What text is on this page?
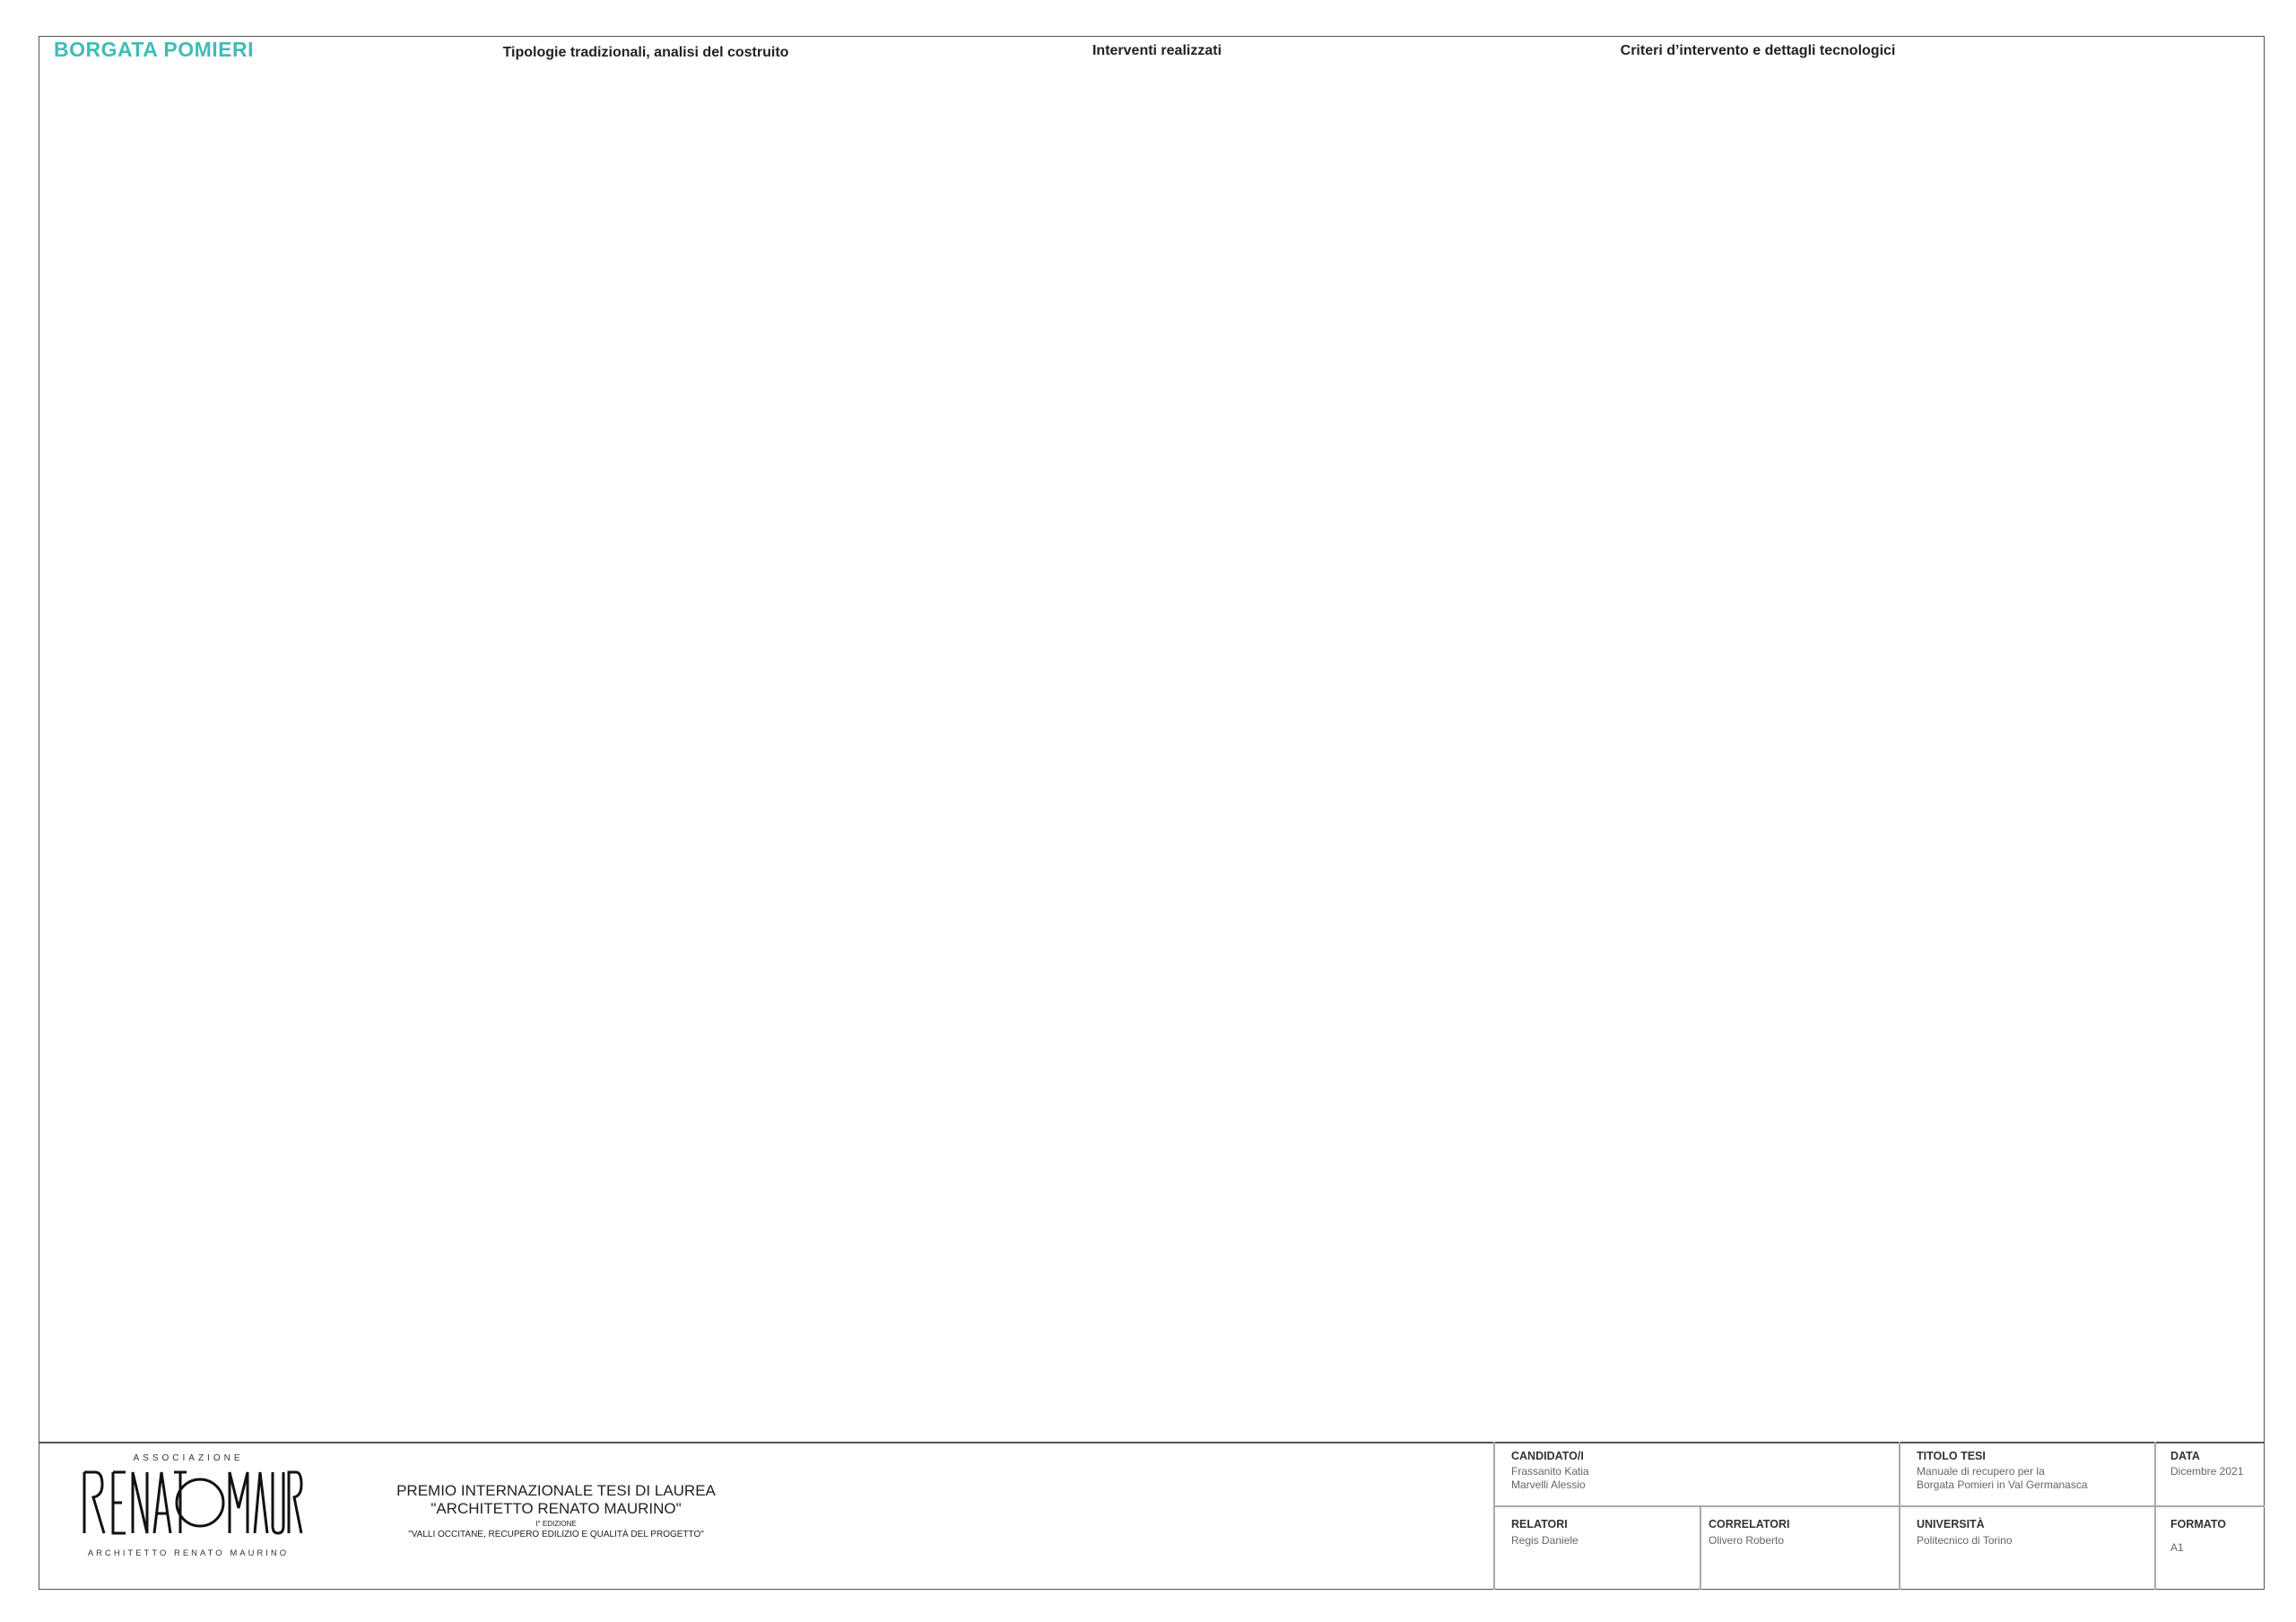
BORGATA POMIERI	Tipologie tradizionali, analisi del costruito	Interventi realizzati	Criteri d’intervento e dettagli tecnologici
ASSOCIAZIONE
ARCHITETTO RENATO MAURINO
PREMIO INTERNAZIONALE TESI DI LAUREA
"ARCHITETTO RENATO MAURINO"
I° EDIZIONE
"VALLI OCCITANE, RECUPERO EDILIZIO E QUALITÀ DEL PROGETTO"
CANDIDATO/I
Frassanito Katia
Marvelli Alessio
TITOLO TESI
Manuale di recupero per la
Borgata Pomieri in Val Germanasca
DATA
Dicembre 2021
RELATORI
Regis Daniele
CORRELATORI
Olivero Roberto
UNIVERSITÀ
Politecnico di Torino
FORMATO
A1
